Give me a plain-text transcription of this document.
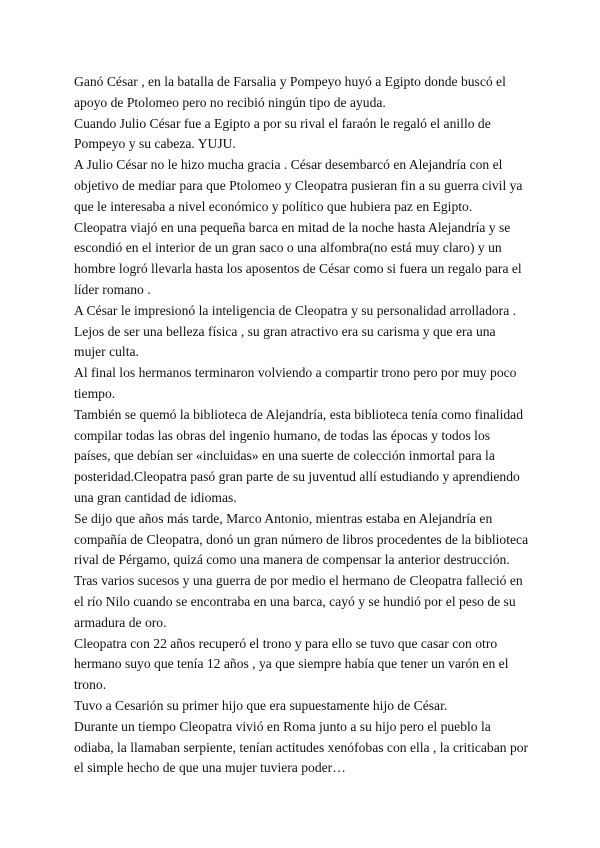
Ganó César , en la batalla de Farsalia y Pompeyo huyó a Egipto donde buscó el apoyo de Ptolomeo pero no recibió ningún tipo de ayuda.

Cuando Julio César fue a Egipto a por su rival el faraón le regaló el anillo de Pompeyo y su cabeza. YUJU.

A Julio César no le hizo mucha gracia . César desembarcó en Alejandría con el objetivo de mediar para que Ptolomeo y Cleopatra pusieran fin a su guerra civil ya que le interesaba a nivel económico y político que hubiera paz en Egipto.

Cleopatra viajó en una pequeña barca en mitad de la noche hasta Alejandría y se escondió en el interior de un gran saco o una alfombra(no está muy claro) y un hombre logró llevarla hasta los aposentos de César como si fuera un regalo para el líder romano .

A César le impresionó la inteligencia de Cleopatra y su personalidad arrolladora .

Lejos de ser una belleza física , su gran atractivo era su carisma y que era una mujer culta.

Al final los hermanos terminaron volviendo a compartir trono pero por muy poco tiempo.

También se quemó la biblioteca de Alejandría, esta biblioteca tenía como finalidad compilar todas las obras del ingenio humano, de todas las épocas y todos los países, que debían ser «incluidas» en una suerte de colección inmortal para la posteridad.Cleopatra pasó gran parte de su juventud allí estudiando y aprendiendo una gran cantidad de idiomas.

Se dijo que años más tarde, Marco Antonio, mientras estaba en Alejandría en compañía de Cleopatra, donó un gran número de libros procedentes de la biblioteca rival de Pérgamo, quizá como una manera de compensar la anterior destrucción.

Tras varios sucesos y una guerra de por medio el hermano de Cleopatra falleció en el río Nilo cuando se encontraba en una barca, cayó y se hundió por el peso de su armadura de oro.

Cleopatra con 22 años recuperó el trono y para ello se tuvo que casar con otro hermano suyo que tenía 12 años , ya que siempre había que tener un varón en el trono.

Tuvo a Cesarión su primer hijo que era supuestamente hijo de César.

Durante un tiempo Cleopatra vivió en Roma junto a su hijo pero el pueblo la odiaba, la llamaban serpiente, tenían actitudes xenófobas con ella , la criticaban por el simple hecho de que una mujer tuviera poder…
